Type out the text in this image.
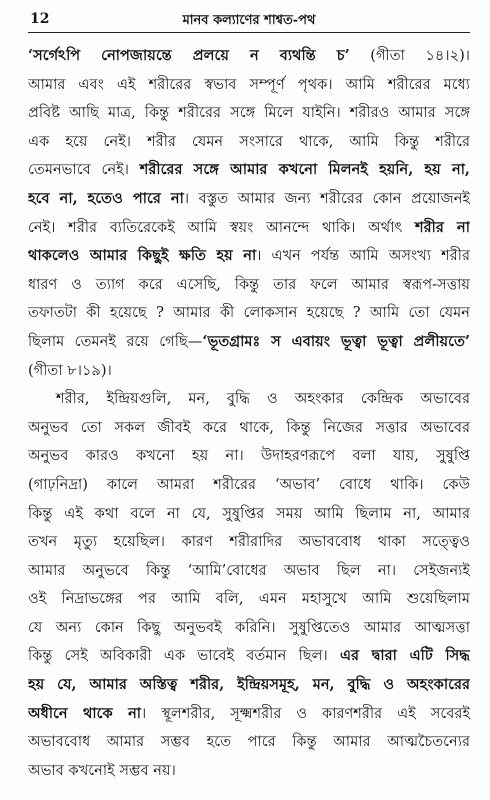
12	মানব কল্যাণের শাশ্বত-পথ
‘সর্গেঽপি নোপজায়ন্তে প্রলয়ে ন ব্যথন্তি চ’ (গীতা ১৪।২)।
আমার এবং এই শরীরের স্বভাব সম্পূর্ণ পৃথক। আমি শরীরের মধ্যে
প্রবিষ্ট আছি মাত্র, কিন্তু শরীরের সঙ্গে মিলে যাইনি। শরীরও আমার সঙ্গে
এক হয়ে নেই। শরীর যেমন সংসারে থাকে, আমি কিন্তু শরীরে
তেমনভাবে নেই। শরীরের সঙ্গে আমার কখনো মিলনই হয়নি, হয় না,
হবে না, হতেও পারে না। বস্তুত আমার জন্য শরীরের কোন প্রয়োজনই
নেই। শরীর ব্যতিরেকেই আমি স্বয়ং আনন্দে থাকি। অর্থাৎ শরীর না
থাকলেও আমার কিছুই ক্ষতি হয় না। এখন পর্যন্ত আমি অসংখ্য শরীর
ধারণ ও ত্যাগ করে এসেছি, কিন্তু তার ফলে আমার স্বরূপ-সত্তায়
তফাতটা কী হয়েছে ? আমার কী লোকসান হয়েছে ? আমি তো যেমন
ছিলাম তেমনই রয়ে গেছি—‘ভূতগ্রামঃ স এবায়ং ভূত্বা ভূত্বা প্রলীয়তে’
(গীতা ৮।১৯)।
শরীর, ইন্দ্রিয়গুলি, মন, বুদ্ধি ও অহংকার কেন্দ্রিক অভাবের
অনুভব তো সকল জীবই করে থাকে, কিন্তু নিজের সত্তার অভাবের
অনুভব কারও কখনো হয় না। উদাহরণরূপে বলা যায়, সুষুপ্তি
(গাঢ়নিদ্রা) কালে আমরা শরীরের ‘অভাব’ বোধে থাকি। কেউ
কিন্তু এই কথা বলে না যে, সুষুপ্তির সময় আমি ছিলাম না, আমার
তখন মৃত্যু হয়েছিল। কারণ শরীরাদির অভাববোধ থাকা সত্ত্বেও
আমার অনুভবে কিন্তু ‘আমি’বোধের অভাব ছিল না। সেইজন্যই
ওই নিদ্রাভঙ্গের পর আমি বলি, এমন মহাসুখে আমি শুয়েছিলাম
যে অন্য কোন কিছু অনুভবই করিনি। সুষুপ্তিতেও আমার আত্মসত্তা
কিন্তু সেই অবিকারী এক ভাবেই বর্তমান ছিল। এর দ্বারা এটি সিদ্ধ
হয় যে, আমার অস্তিত্ব শরীর, ইন্দ্রিয়সমূহ, মন, বুদ্ধি ও অহংকারের
অধীনে থাকে না। স্থূলশরীর, সূক্ষ্মশরীর ও কারণশরীর এই সবেরই
অভাববোধ আমার সম্ভব হতে পারে কিন্তু আমার আত্মচৈতন্যের
অভাব কখনোই সম্ভব নয়।
